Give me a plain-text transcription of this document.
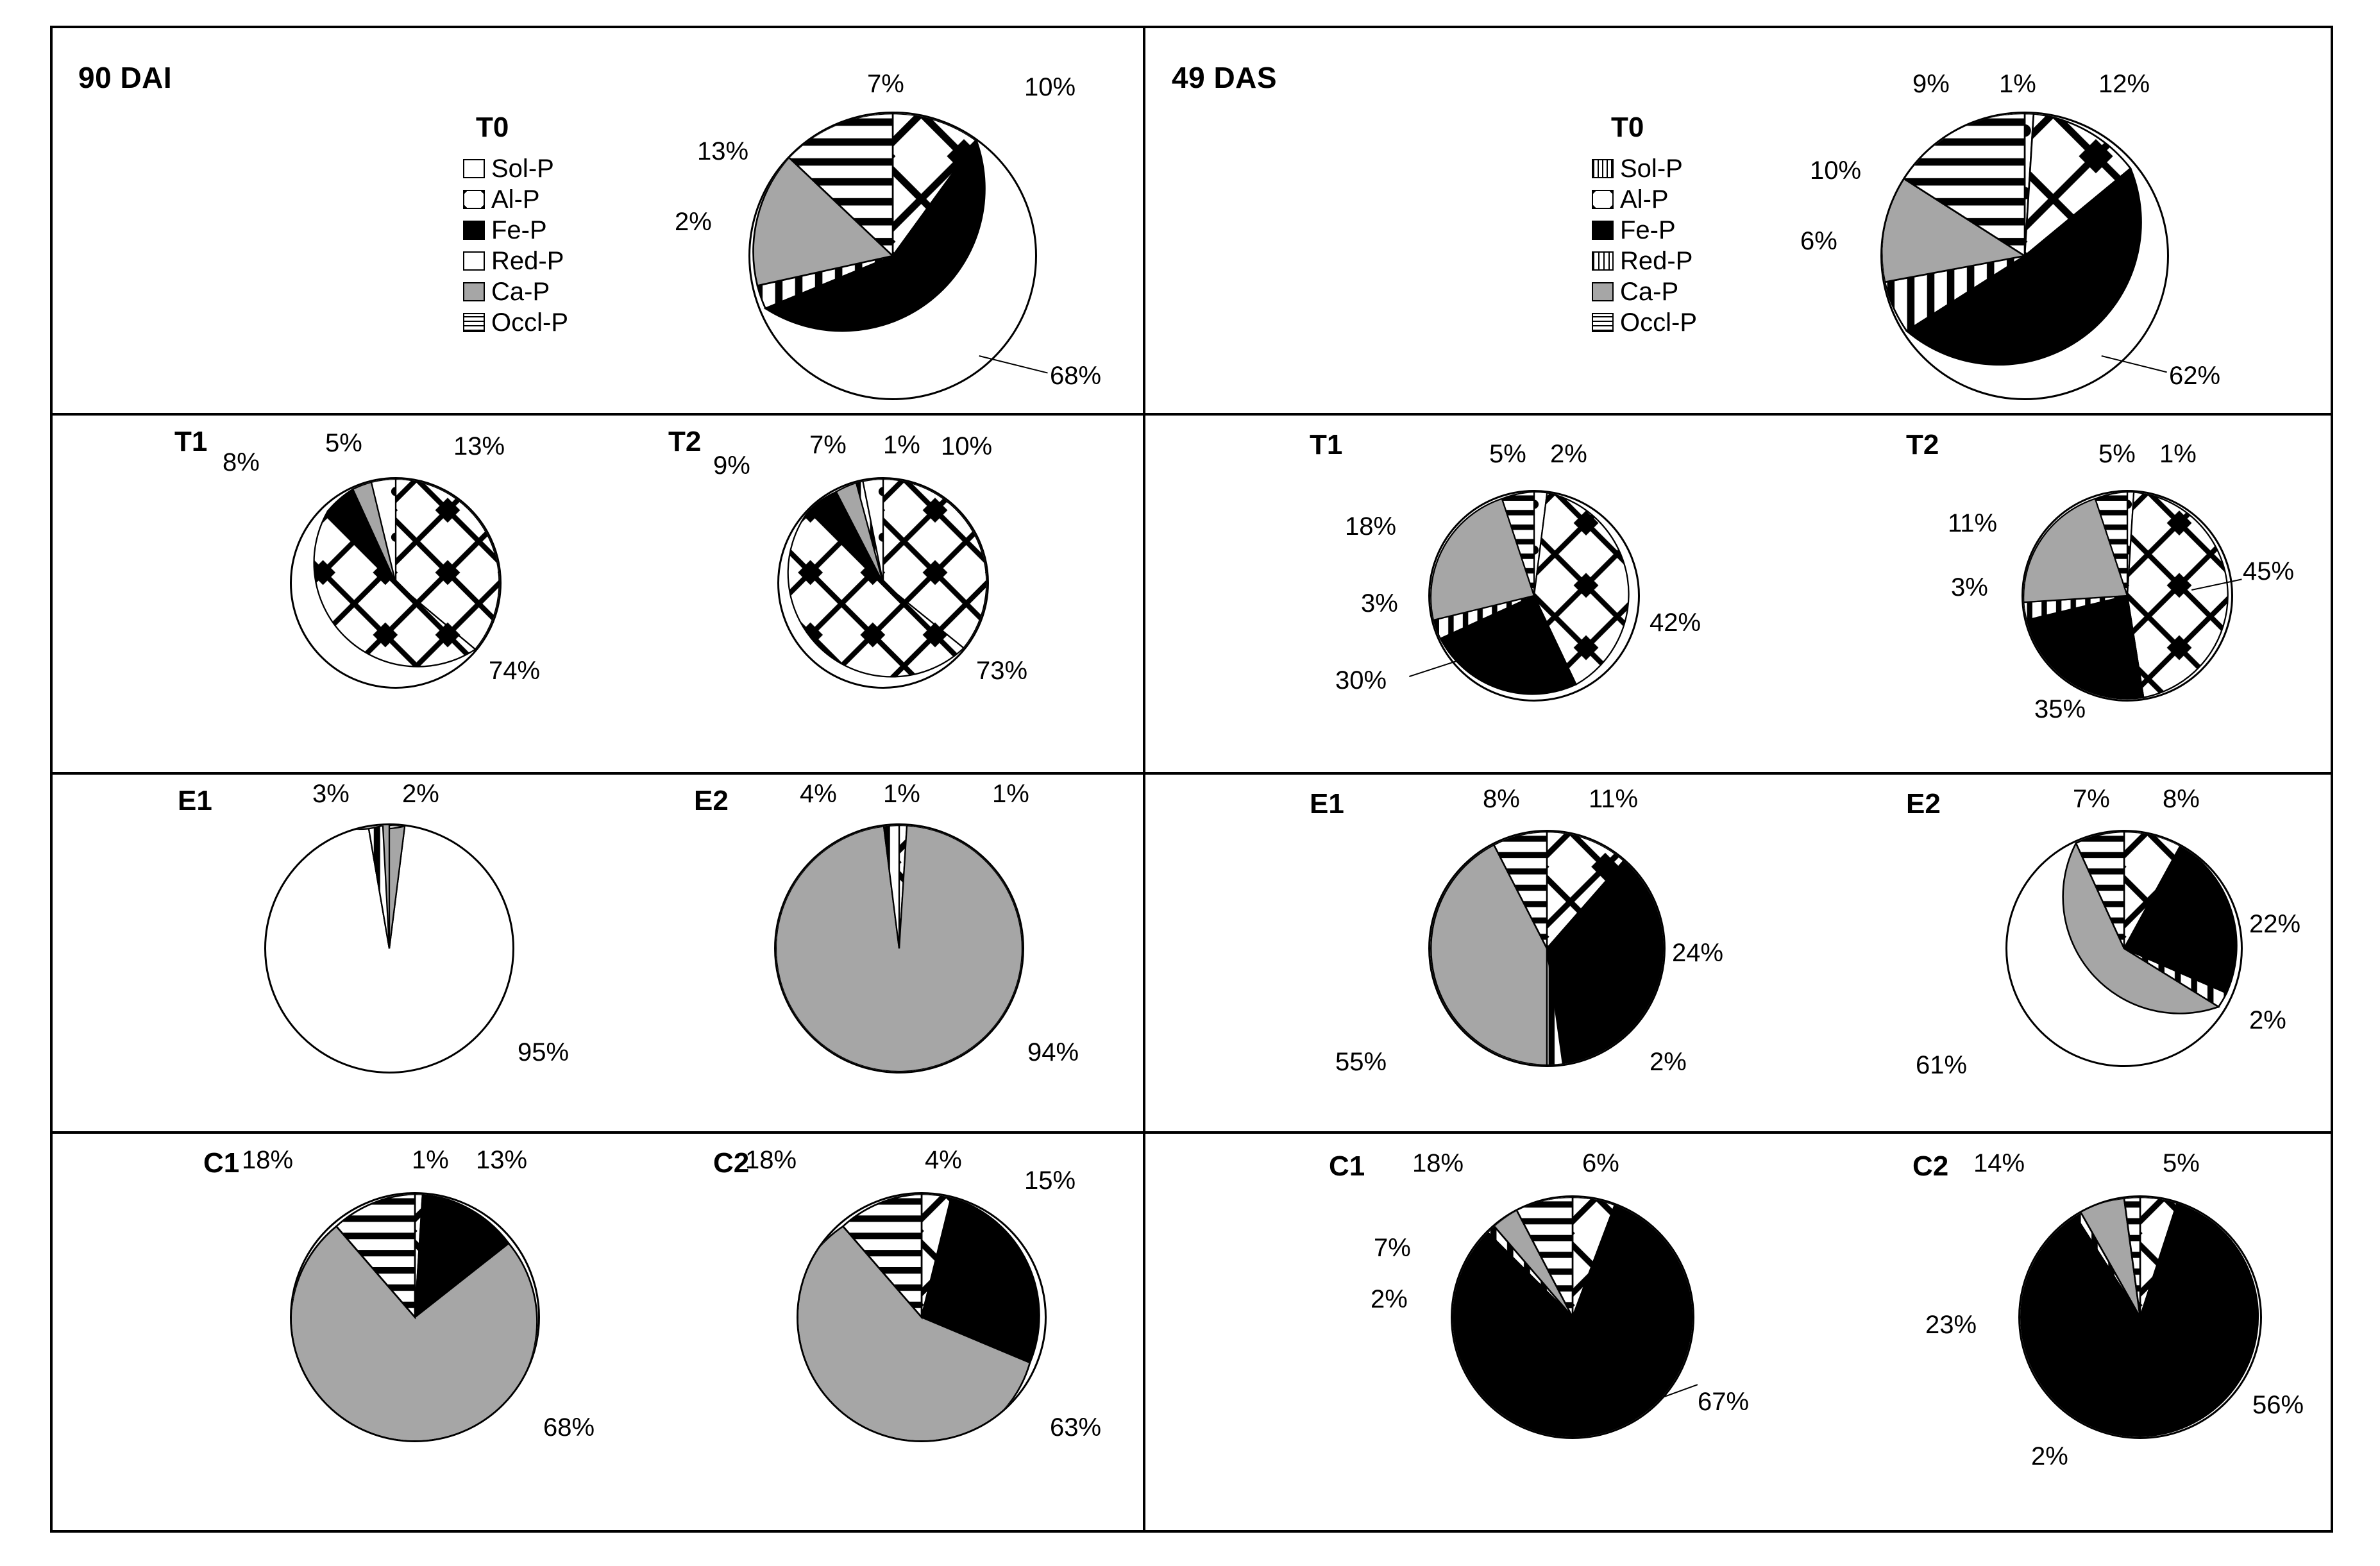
90 DAI	49 DAS
T0
Sol-P
Al-P
Fe-P
Red-P
Ca-P
Occl-P
T0
Sol-P
Al-P
Fe-P
Red-P
Ca-P
Occl-P
10%
68%
2%
13%
7%	1% 12%
62%
6%
10%
9%
T1	13%
74%
8%
5%	T2	10%
73%
9%
1%
7%	T1	2%
42%
30%
3%
18%
5%	T2	1%
45%
35%
3%
11%
5%
E1	3%
95%
2%	E2	1%
1%
4%
94%
E1	11%
24%
2%
55%
8%	E2	8%
22%
2%
61%
7%
C1	1% 13%
68%
18%	C2	4%
15%
63%
18%	C1	6%
67%
2%
7%
18%	C2	5%
56%
2%
23%
14%
